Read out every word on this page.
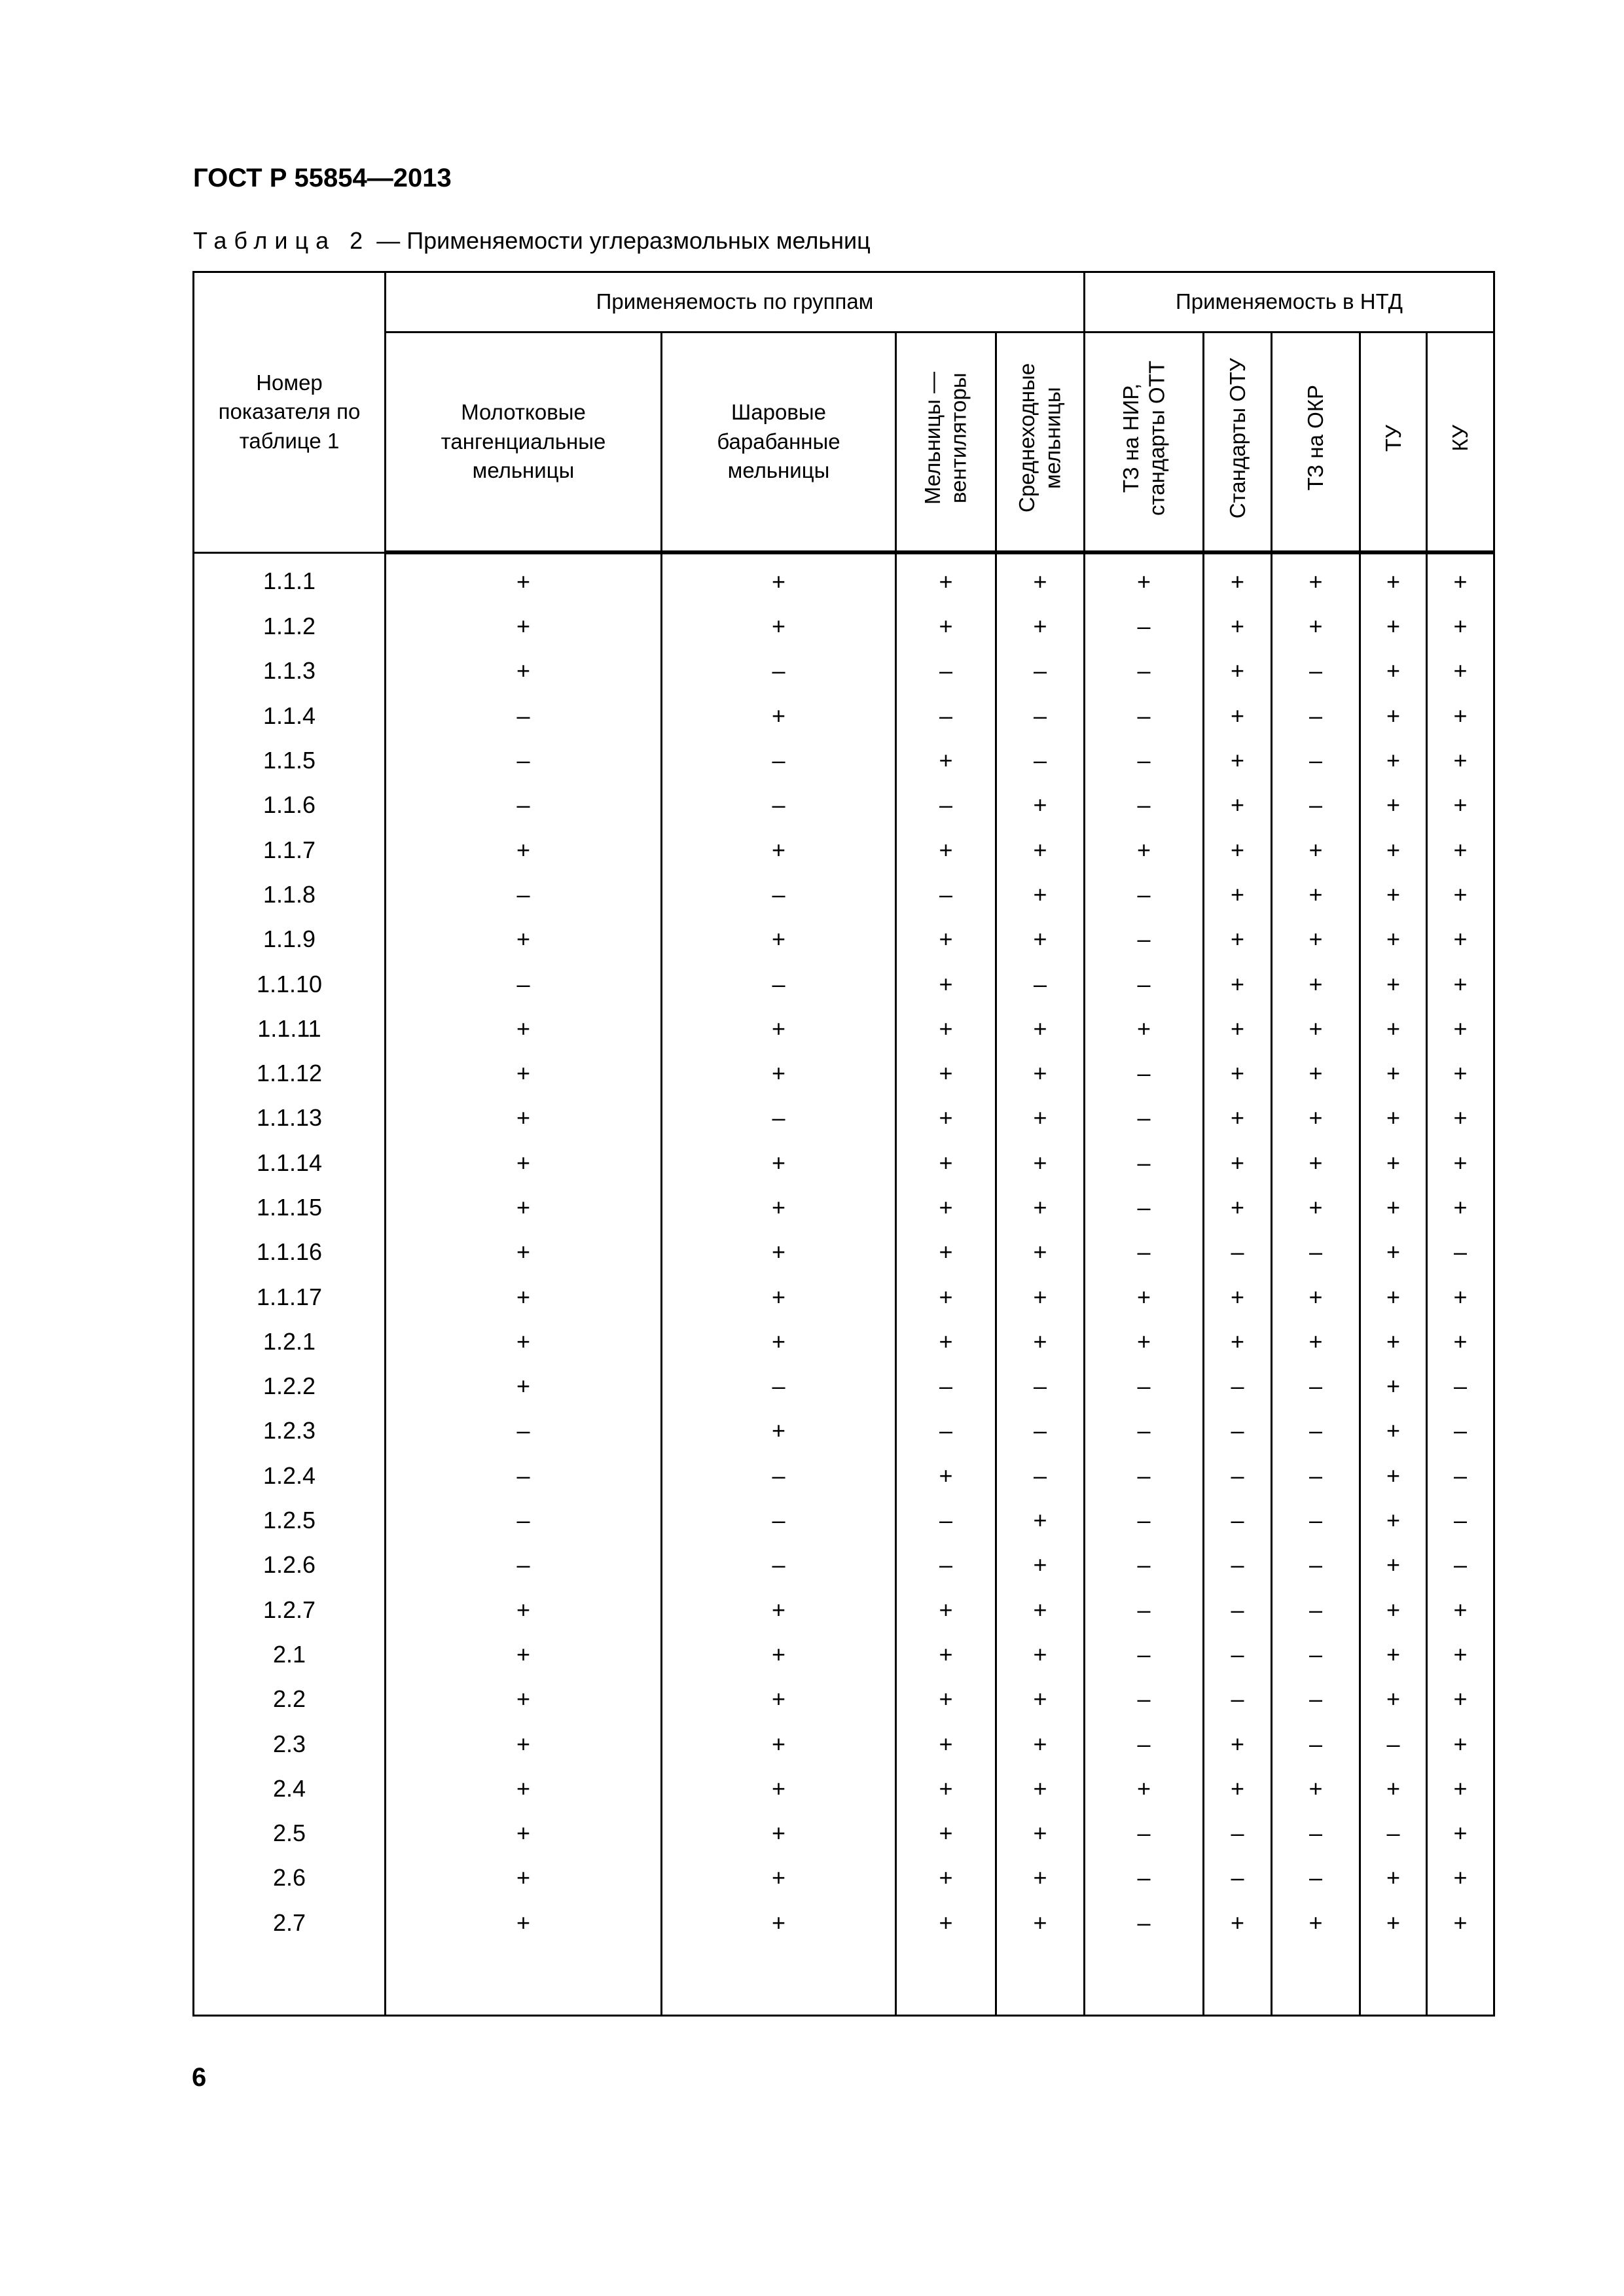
ГОСТ Р 55854—2013
Таблица 2 — Применяемости углеразмольных мельниц
Номер показателя по таблице 1	Применяемость по группам				Применяемость в НТД				
	Молотковые тангенциальные мельницы	Шаровые барабанные мельницы	Мельницы — вентиляторы	Среднеходные мельницы	ТЗ на НИР, стандарты ОТТ	Стандарты ОТУ	ТЗ на ОКР	ТУ	КУ
1.1.1	+	+	+	+	+	+	+	+	+
1.1.2	+	+	+	+	–	+	+	+	+
1.1.3	+	–	–	–	–	+	–	+	+
1.1.4	–	+	–	–	–	+	–	+	+
1.1.5	–	–	+	–	–	+	–	+	+
1.1.6	–	–	–	+	–	+	–	+	+
1.1.7	+	+	+	+	+	+	+	+	+
1.1.8	–	–	–	+	–	+	+	+	+
1.1.9	+	+	+	+	–	+	+	+	+
1.1.10	–	–	+	–	–	+	+	+	+
1.1.11	+	+	+	+	+	+	+	+	+
1.1.12	+	+	+	+	–	+	+	+	+
1.1.13	+	–	+	+	–	+	+	+	+
1.1.14	+	+	+	+	–	+	+	+	+
1.1.15	+	+	+	+	–	+	+	+	+
1.1.16	+	+	+	+	–	–	–	+	–
1.1.17	+	+	+	+	+	+	+	+	+
1.2.1	+	+	+	+	+	+	+	+	+
1.2.2	+	–	–	–	–	–	–	+	–
1.2.3	–	+	–	–	–	–	–	+	–
1.2.4	–	–	+	–	–	–	–	+	–
1.2.5	–	–	–	+	–	–	–	+	–
1.2.6	–	–	–	+	–	–	–	+	–
1.2.7	+	+	+	+	–	–	–	+	+
2.1	+	+	+	+	–	–	–	+	+
2.2	+	+	+	+	–	–	–	+	+
2.3	+	+	+	+	–	+	–	–	+
2.4	+	+	+	+	+	+	+	+	+
2.5	+	+	+	+	–	–	–	–	+
2.6	+	+	+	+	–	–	–	+	+
2.7	+	+	+	+	–	+	+	+	+

6
